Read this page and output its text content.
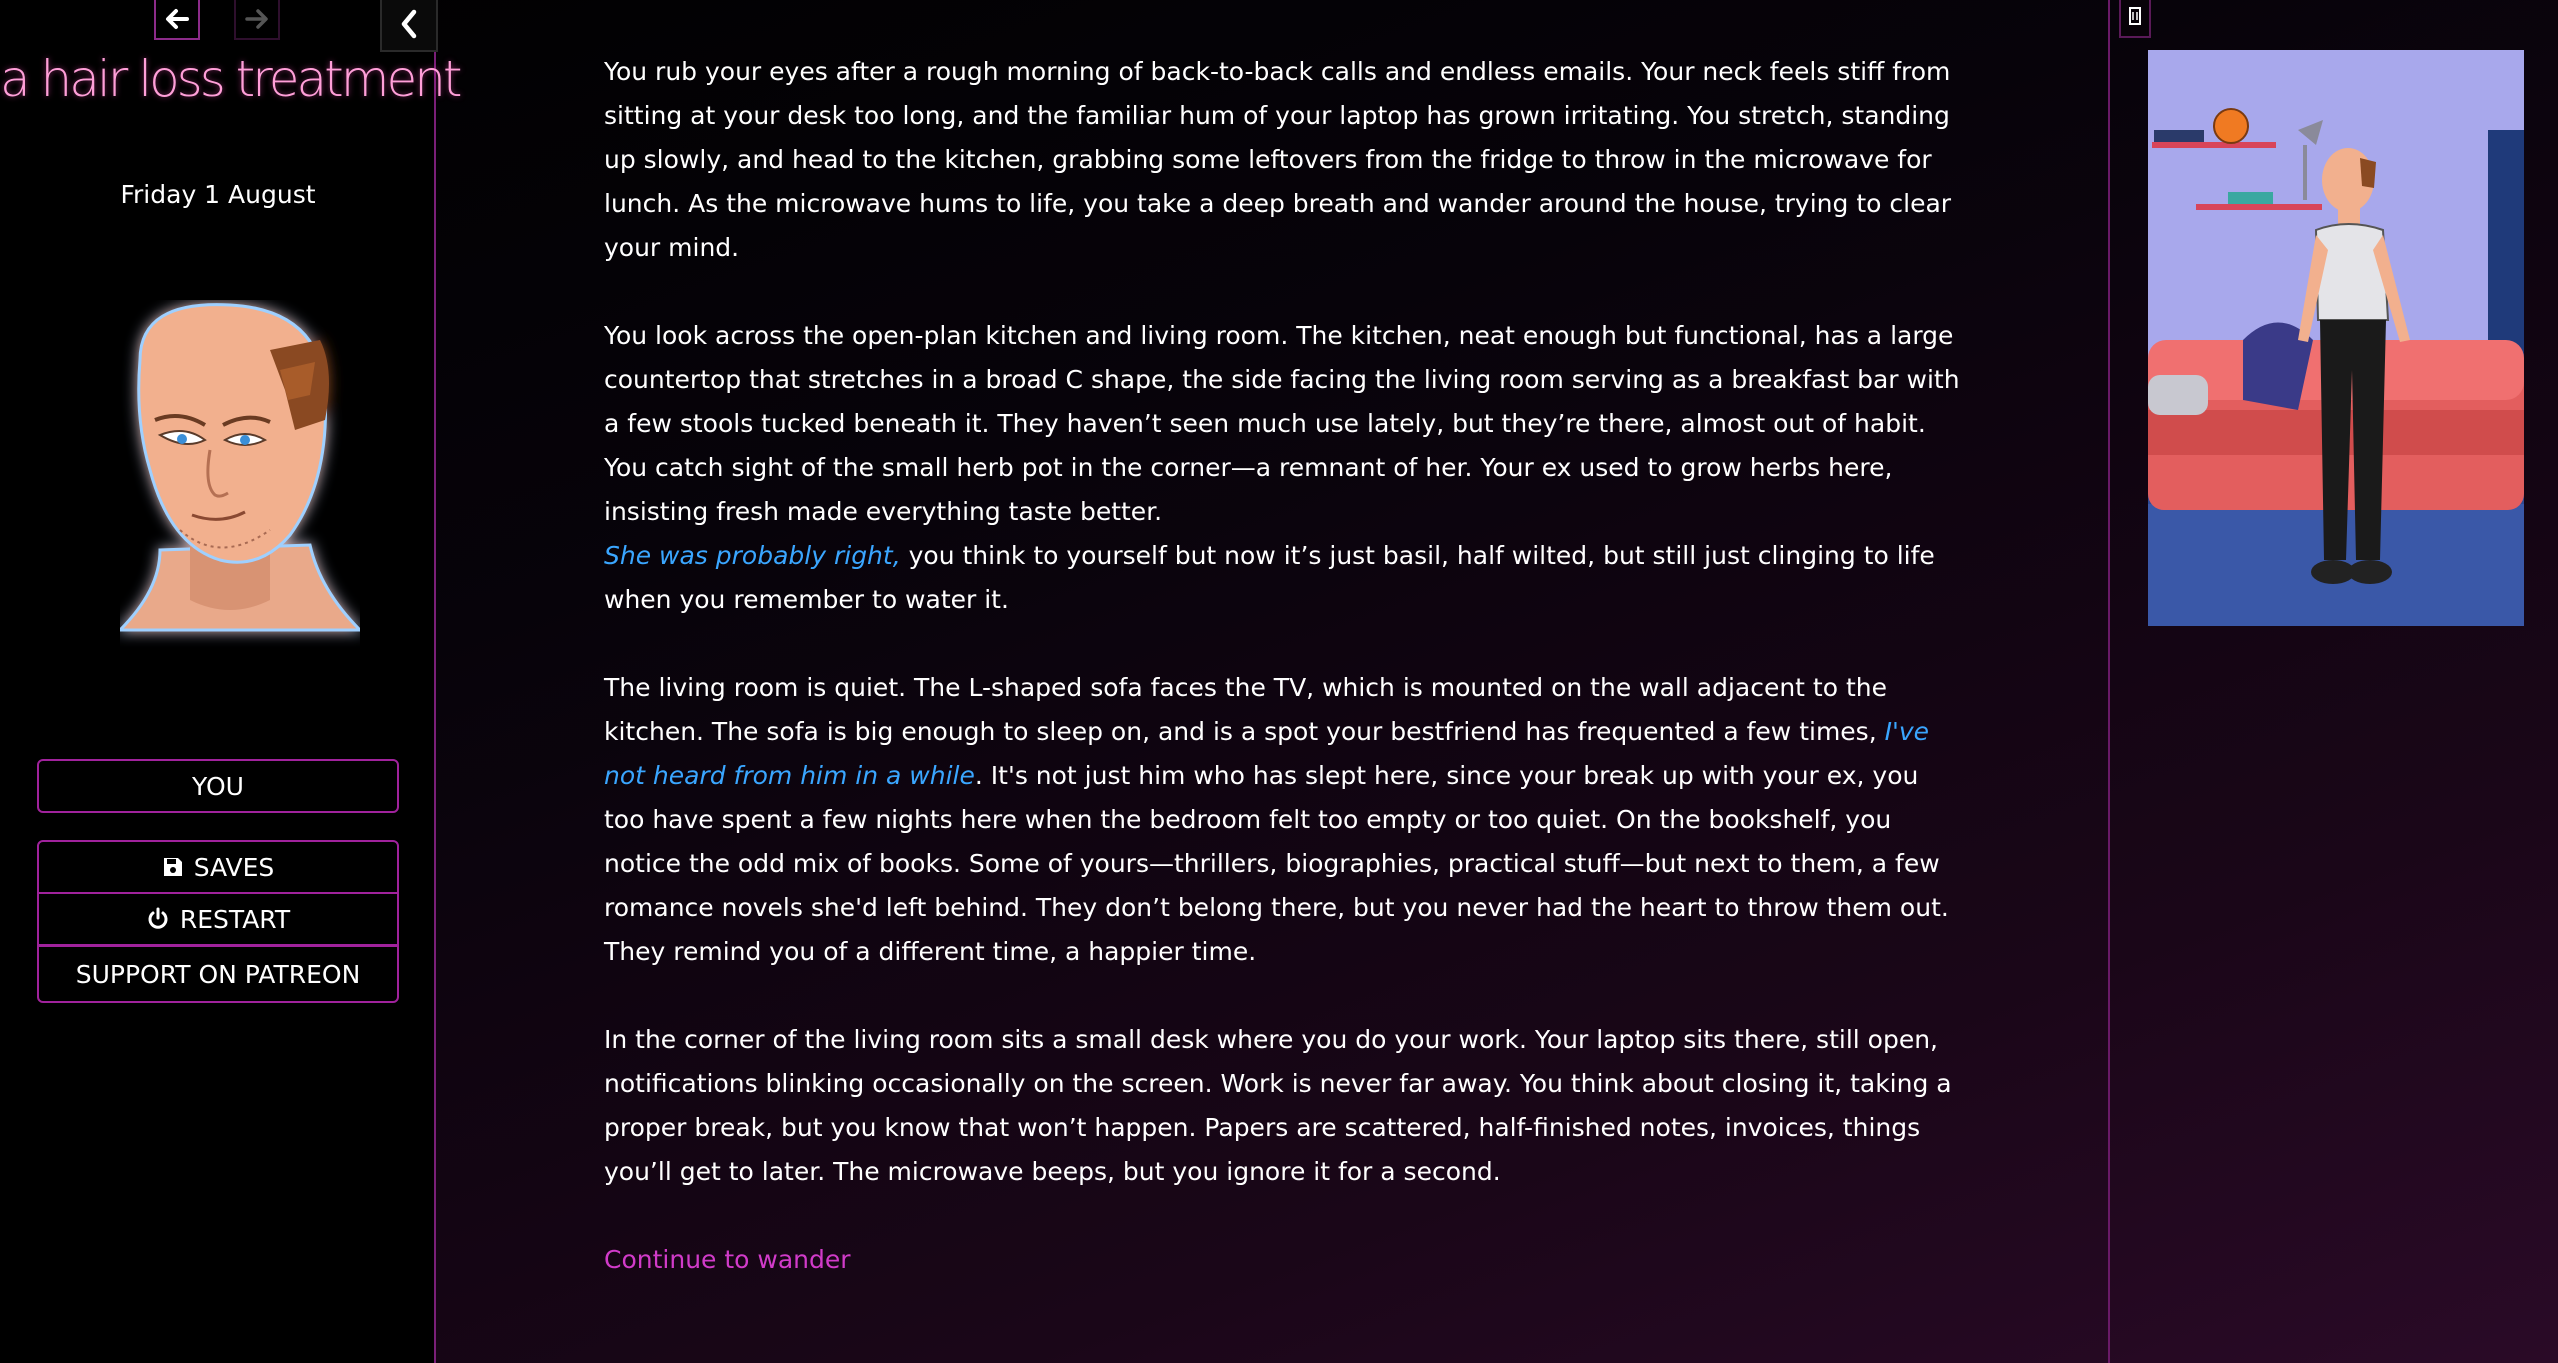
a hair loss treatment
Friday 1 August
YOU
SAVES
RESTART
SUPPORT ON PATREON

You rub your eyes after a rough morning of back-to-back calls and endless emails. Your neck feels stiff from sitting at your desk too long, and the familiar hum of your laptop has grown irritating. You stretch, standing up slowly, and head to the kitchen, grabbing some leftovers from the fridge to throw in the microwave for lunch. As the microwave hums to life, you take a deep breath and wander around the house, trying to clear your mind.

You look across the open-plan kitchen and living room. The kitchen, neat enough but functional, has a large countertop that stretches in a broad C shape, the side facing the living room serving as a breakfast bar with a few stools tucked beneath it. They haven’t seen much use lately, but they’re there, almost out of habit. You catch sight of the small herb pot in the corner—a remnant of her. Your ex used to grow herbs here, insisting fresh made everything taste better.
She was probably right, you think to yourself but now it’s just basil, half wilted, but still just clinging to life when you remember to water it.

The living room is quiet. The L-shaped sofa faces the TV, which is mounted on the wall adjacent to the kitchen. The sofa is big enough to sleep on, and is a spot your bestfriend has frequented a few times, I've not heard from him in a while. It's not just him who has slept here, since your break up with your ex, you too have spent a few nights here when the bedroom felt too empty or too quiet. On the bookshelf, you notice the odd mix of books. Some of yours—thrillers, biographies, practical stuff—but next to them, a few romance novels she'd left behind. They don’t belong there, but you never had the heart to throw them out. They remind you of a different time, a happier time.

In the corner of the living room sits a small desk where you do your work. Your laptop sits there, still open, notifications blinking occasionally on the screen. Work is never far away. You think about closing it, taking a proper break, but you know that won’t happen. Papers are scattered, half-finished notes, invoices, things you’ll get to later. The microwave beeps, but you ignore it for a second.

Continue to wander
